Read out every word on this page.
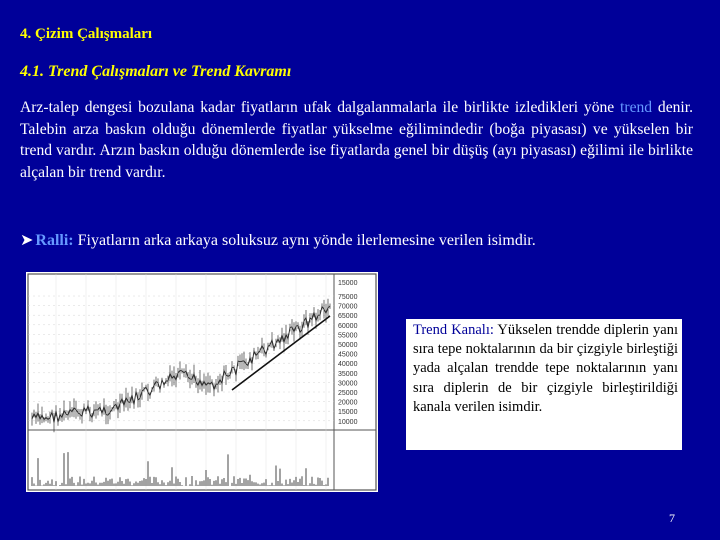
4. Çizim Çalışmaları
4.1. Trend Çalışmaları ve Trend Kavramı
Arz-talep dengesi bozulana kadar fiyatların ufak dalgalanmalarla ile birlikte izledikleri yöne trend denir. Talebin arza baskın olduğu dönemlerde fiyatlar yükselme eğilimindedir (boğa piyasası) ve yükselen bir trend vardır. Arzın baskın olduğu dönemlerde ise fiyatlarda genel bir düşüş (ayı piyasası) eğilimi ile birlikte alçalan bir trend vardır.
➤ Ralli: Fiyatların arka arkaya soluksuz aynı yönde ilerlemesine verilen isimdir.
15000
75000
70000
65000
60000
55000
50000
45000
40000
35000
30000
25000
20000
15000
10000
Trend Kanalı: Yükselen trendde diplerin yanı sıra tepe noktalarının da bir çizgiyle birleştiği yada alçalan trendde tepe noktalarının yanı sıra diplerin de bir çizgiyle birleştirildiği kanala verilen isimdir.
7
